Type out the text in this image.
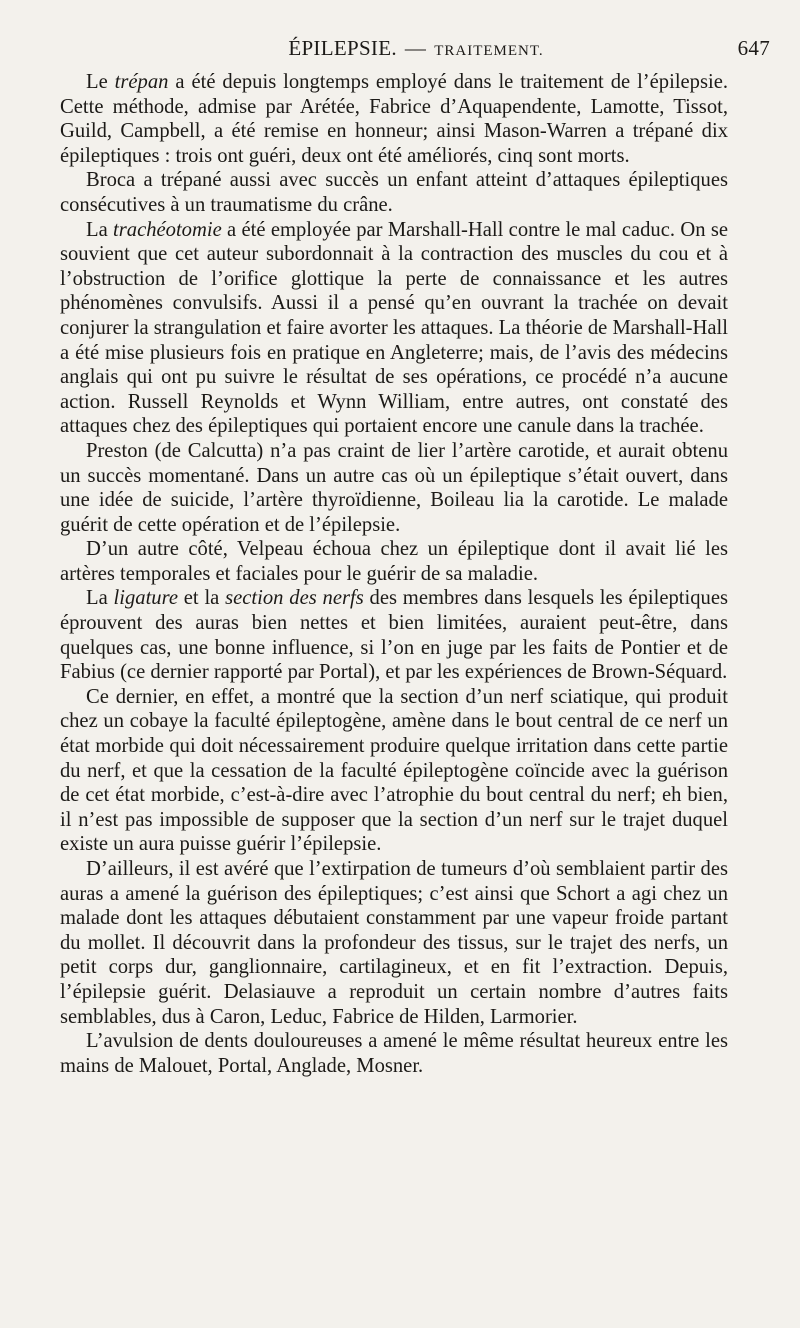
ÉPILEPSIE. — TRAITEMENT.	647

Le trépan a été depuis longtemps employé dans le traitement de l’épilepsie. Cette méthode, admise par Arétée, Fabrice d’Aquapendente, Lamotte, Tissot, Guild, Campbell, a été remise en honneur; ainsi Mason-Warren a trépané dix épileptiques : trois ont guéri, deux ont été améliorés, cinq sont morts.

Broca a trépané aussi avec succès un enfant atteint d’attaques épileptiques consécutives à un traumatisme du crâne.

La trachéotomie a été employée par Marshall-Hall contre le mal caduc. On se souvient que cet auteur subordonnait à la contraction des muscles du cou et à l’obstruction de l’orifice glottique la perte de connaissance et les autres phénomènes convulsifs. Aussi il a pensé qu’en ouvrant la trachée on devait conjurer la strangulation et faire avorter les attaques. La théorie de Marshall-Hall a été mise plusieurs fois en pratique en Angleterre; mais, de l’avis des médecins anglais qui ont pu suivre le résultat de ses opérations, ce procédé n’a aucune action. Russell Reynolds et Wynn William, entre autres, ont constaté des attaques chez des épileptiques qui portaient encore une canule dans la trachée.

Preston (de Calcutta) n’a pas craint de lier l’artère carotide, et aurait obtenu un succès momentané. Dans un autre cas où un épileptique s’était ouvert, dans une idée de suicide, l’artère thyroïdienne, Boileau lia la carotide. Le malade guérit de cette opération et de l’épilepsie.

D’un autre côté, Velpeau échoua chez un épileptique dont il avait lié les artères temporales et faciales pour le guérir de sa maladie.

La ligature et la section des nerfs des membres dans lesquels les épileptiques éprouvent des auras bien nettes et bien limitées, auraient peut-être, dans quelques cas, une bonne influence, si l’on en juge par les faits de Pontier et de Fabius (ce dernier rapporté par Portal), et par les expériences de Brown-Séquard.

Ce dernier, en effet, a montré que la section d’un nerf sciatique, qui produit chez un cobaye la faculté épileptogène, amène dans le bout central de ce nerf un état morbide qui doit nécessairement produire quelque irritation dans cette partie du nerf, et que la cessation de la faculté épileptogène coïncide avec la guérison de cet état morbide, c’est-à-dire avec l’atrophie du bout central du nerf; eh bien, il n’est pas impossible de supposer que la section d’un nerf sur le trajet duquel existe un aura puisse guérir l’épilepsie.

D’ailleurs, il est avéré que l’extirpation de tumeurs d’où semblaient partir des auras a amené la guérison des épileptiques; c’est ainsi que Schort a agi chez un malade dont les attaques débutaient constamment par une vapeur froide partant du mollet. Il découvrit dans la profondeur des tissus, sur le trajet des nerfs, un petit corps dur, ganglionnaire, cartilagineux, et en fit l’extraction. Depuis, l’épilepsie guérit. Delasiauve a reproduit un certain nombre d’autres faits semblables, dus à Caron, Leduc, Fabrice de Hilden, Larmorier.

L’avulsion de dents douloureuses a amené le même résultat heureux entre les mains de Malouet, Portal, Anglade, Mosner.
